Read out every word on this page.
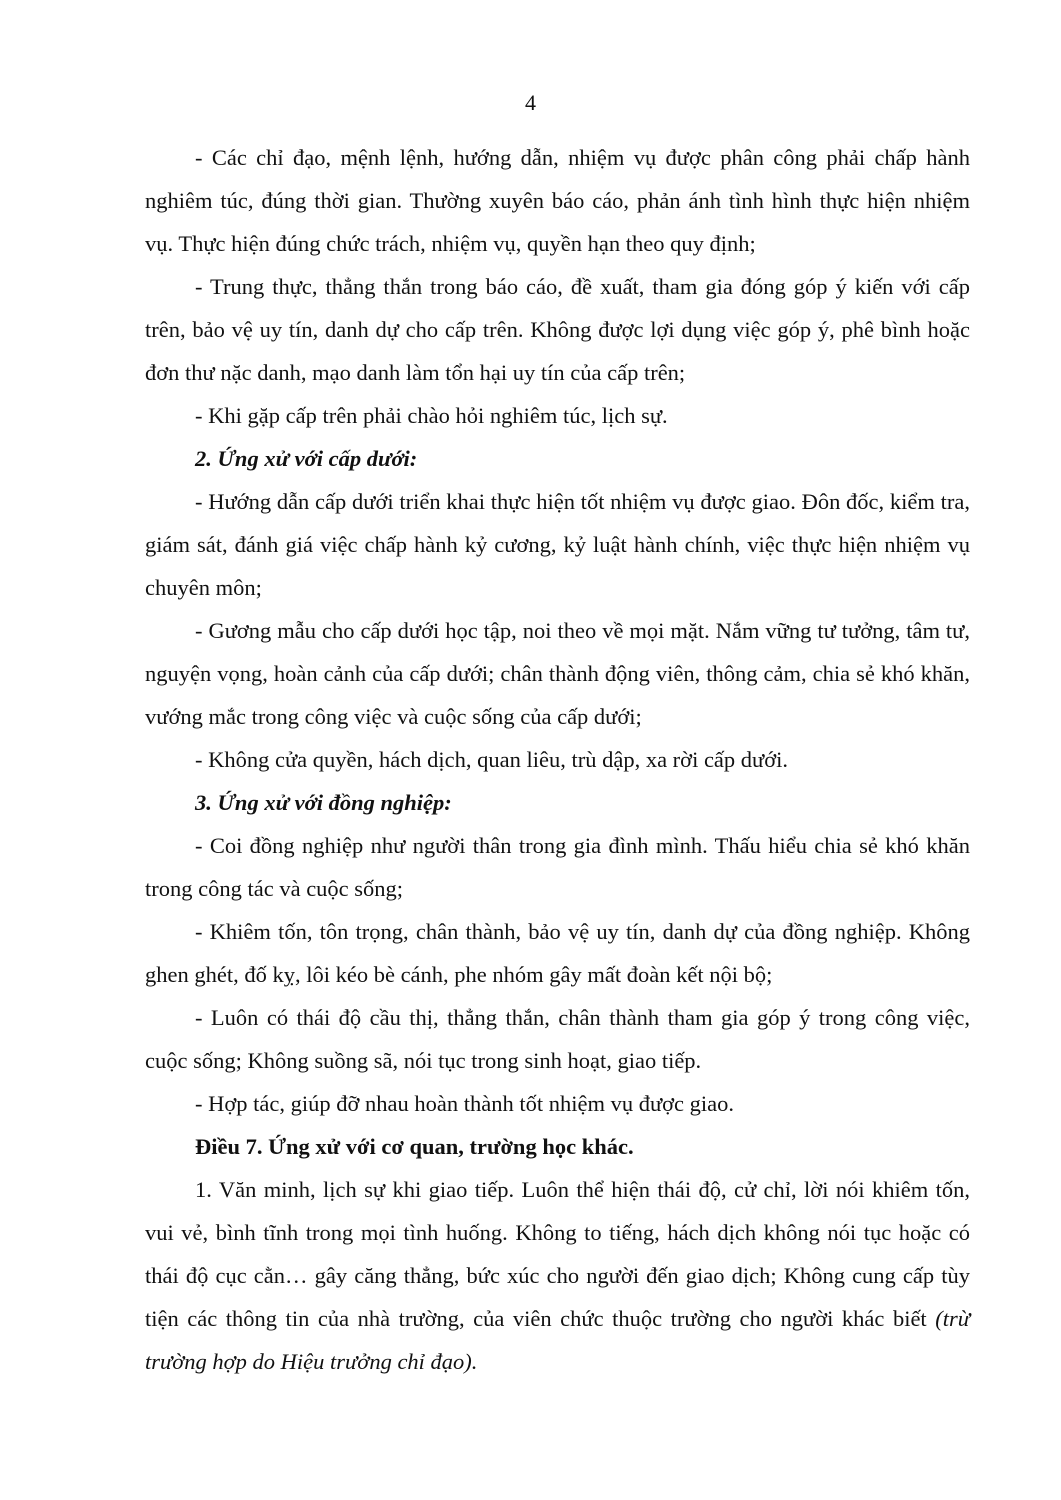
4

- Các chỉ đạo, mệnh lệnh, hướng dẫn, nhiệm vụ được phân công phải chấp hành nghiêm túc, đúng thời gian. Thường xuyên báo cáo, phản ánh tình hình thực hiện nhiệm vụ. Thực hiện đúng chức trách, nhiệm vụ, quyền hạn theo quy định;

- Trung thực, thẳng thắn trong báo cáo, đề xuất, tham gia đóng góp ý kiến với cấp trên, bảo vệ uy tín, danh dự cho cấp trên. Không được lợi dụng việc góp ý, phê bình hoặc đơn thư nặc danh, mạo danh làm tổn hại uy tín của cấp trên;

- Khi gặp cấp trên phải chào hỏi nghiêm túc, lịch sự.

2. Ứng xử với cấp dưới:

- Hướng dẫn cấp dưới triển khai thực hiện tốt nhiệm vụ được giao. Đôn đốc, kiểm tra, giám sát, đánh giá việc chấp hành kỷ cương, kỷ luật hành chính, việc thực hiện nhiệm vụ chuyên môn;

- Gương mẫu cho cấp dưới học tập, noi theo về mọi mặt. Nắm vững tư tưởng, tâm tư, nguyện vọng, hoàn cảnh của cấp dưới; chân thành động viên, thông cảm, chia sẻ khó khăn, vướng mắc trong công việc và cuộc sống của cấp dưới;

- Không cửa quyền, hách dịch, quan liêu, trù dập, xa rời cấp dưới.

3. Ứng xử với đồng nghiệp:

- Coi đồng nghiệp như người thân trong gia đình mình. Thấu hiểu chia sẻ khó khăn trong công tác và cuộc sống;

- Khiêm tốn, tôn trọng, chân thành, bảo vệ uy tín, danh dự của đồng nghiệp. Không ghen ghét, đố kỵ, lôi kéo bè cánh, phe nhóm gây mất đoàn kết nội bộ;

- Luôn có thái độ cầu thị, thẳng thắn, chân thành tham gia góp ý trong công việc, cuộc sống; Không suồng sã, nói tục trong sinh hoạt, giao tiếp.

- Hợp tác, giúp đỡ nhau hoàn thành tốt nhiệm vụ được giao.

Điều 7. Ứng xử với cơ quan, trường học khác.

1. Văn minh, lịch sự khi giao tiếp. Luôn thể hiện thái độ, cử chỉ, lời nói khiêm tốn, vui vẻ, bình tĩnh trong mọi tình huống. Không to tiếng, hách dịch không nói tục hoặc có thái độ cục cằn… gây căng thẳng, bức xúc cho người đến giao dịch; Không cung cấp tùy tiện các thông tin của nhà trường, của viên chức thuộc trường cho người khác biết (trừ trường hợp do Hiệu trưởng chỉ đạo).
